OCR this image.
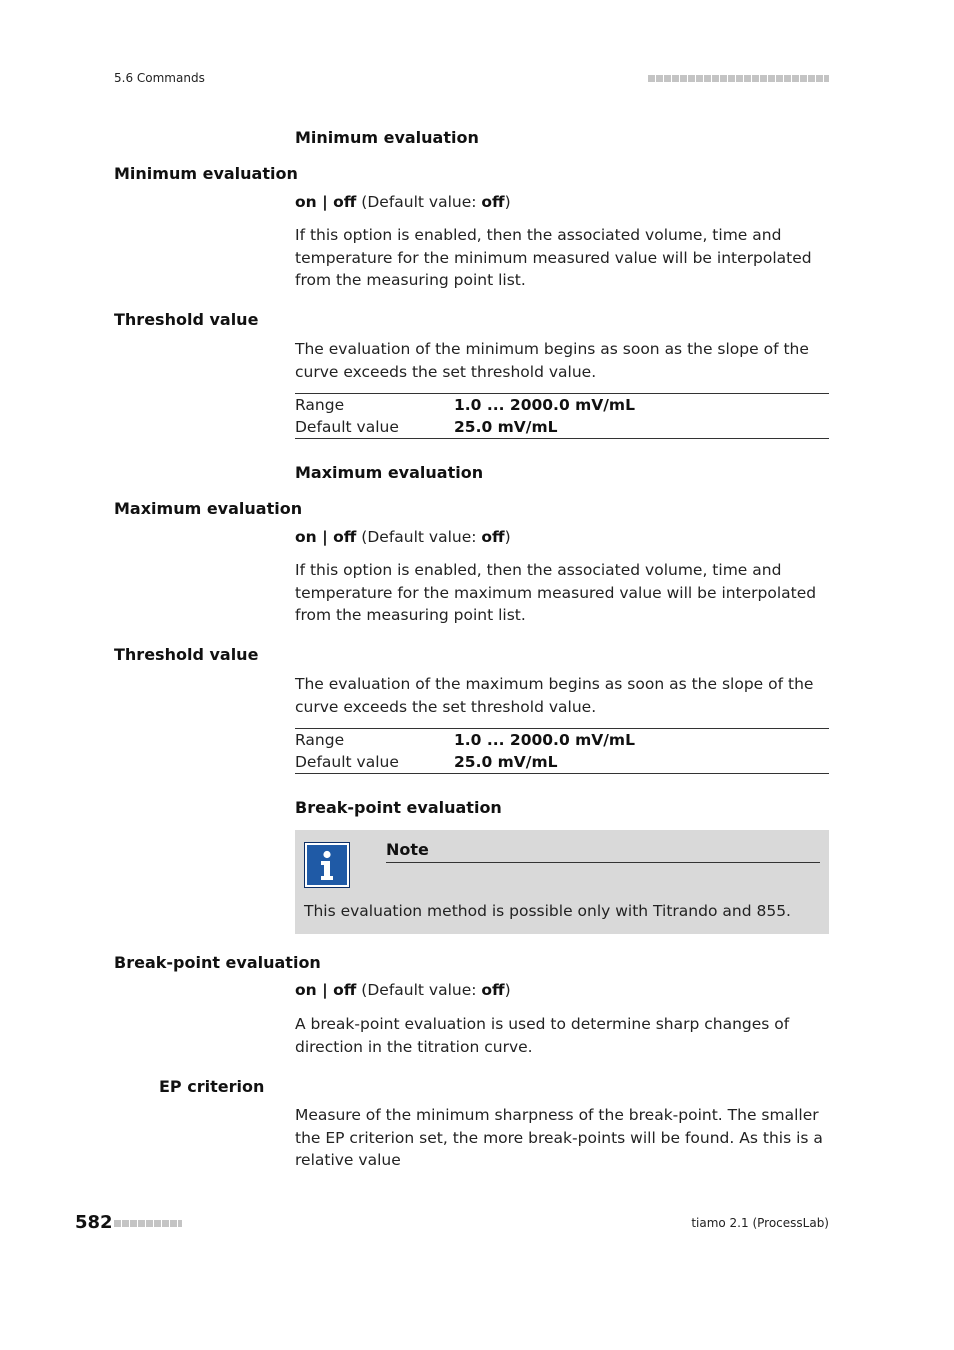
5.6 Commands
Minimum evaluation
Minimum evaluation
on | off (Default value: off)
If this option is enabled, then the associated volume, time and temperature for the minimum measured value will be interpolated from the measuring point list.
Threshold value
The evaluation of the minimum begins as soon as the slope of the curve exceeds the set threshold value.
Range	1.0 ... 2000.0 mV/mL
Default value	25.0 mV/mL
Maximum evaluation
Maximum evaluation
on | off (Default value: off)
If this option is enabled, then the associated volume, time and temperature for the maximum measured value will be interpolated from the measuring point list.
Threshold value
The evaluation of the maximum begins as soon as the slope of the curve exceeds the set threshold value.
Range	1.0 ... 2000.0 mV/mL
Default value	25.0 mV/mL
Break-point evaluation
Note
This evaluation method is possible only with Titrando and 855.
Break-point evaluation
on | off (Default value: off)
A break-point evaluation is used to determine sharp changes of direction in the titration curve.
EP criterion
Measure of the minimum sharpness of the break-point. The smaller the EP criterion set, the more break-points will be found. As this is a relative value
582	tiamo 2.1 (ProcessLab)
